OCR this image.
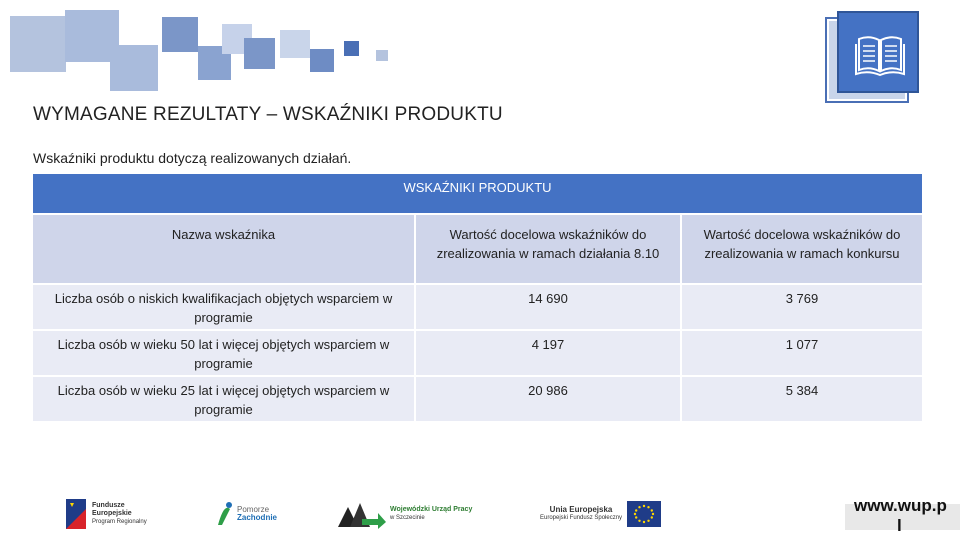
WYMAGANE REZULTATY – WSKAŹNIKI PRODUKTU
Wskaźniki produktu dotyczą realizowanych działań.
WSKAŹNIKI PRODUKTU		
Nazwa wskaźnika	Wartość docelowa wskaźników do zrealizowania w ramach działania 8.10	Wartość docelowa wskaźników do zrealizowania w ramach konkursu
Liczba osób o niskich kwalifikacjach objętych wsparciem w programie	14 690	3 769
Liczba osób w wieku 50 lat i więcej objętych wsparciem w programie	4 197	1 077
Liczba osób w wieku 25 lat i więcej objętych wsparciem w programie	20 986	5 384
Fundusze
Europejskie
Program Regionalny
Pomorze
Zachodnie
Wojewódzki Urząd Pracy
w Szczecinie
Unia Europejska
Europejski Fundusz Społeczny
www.wup.p
l
